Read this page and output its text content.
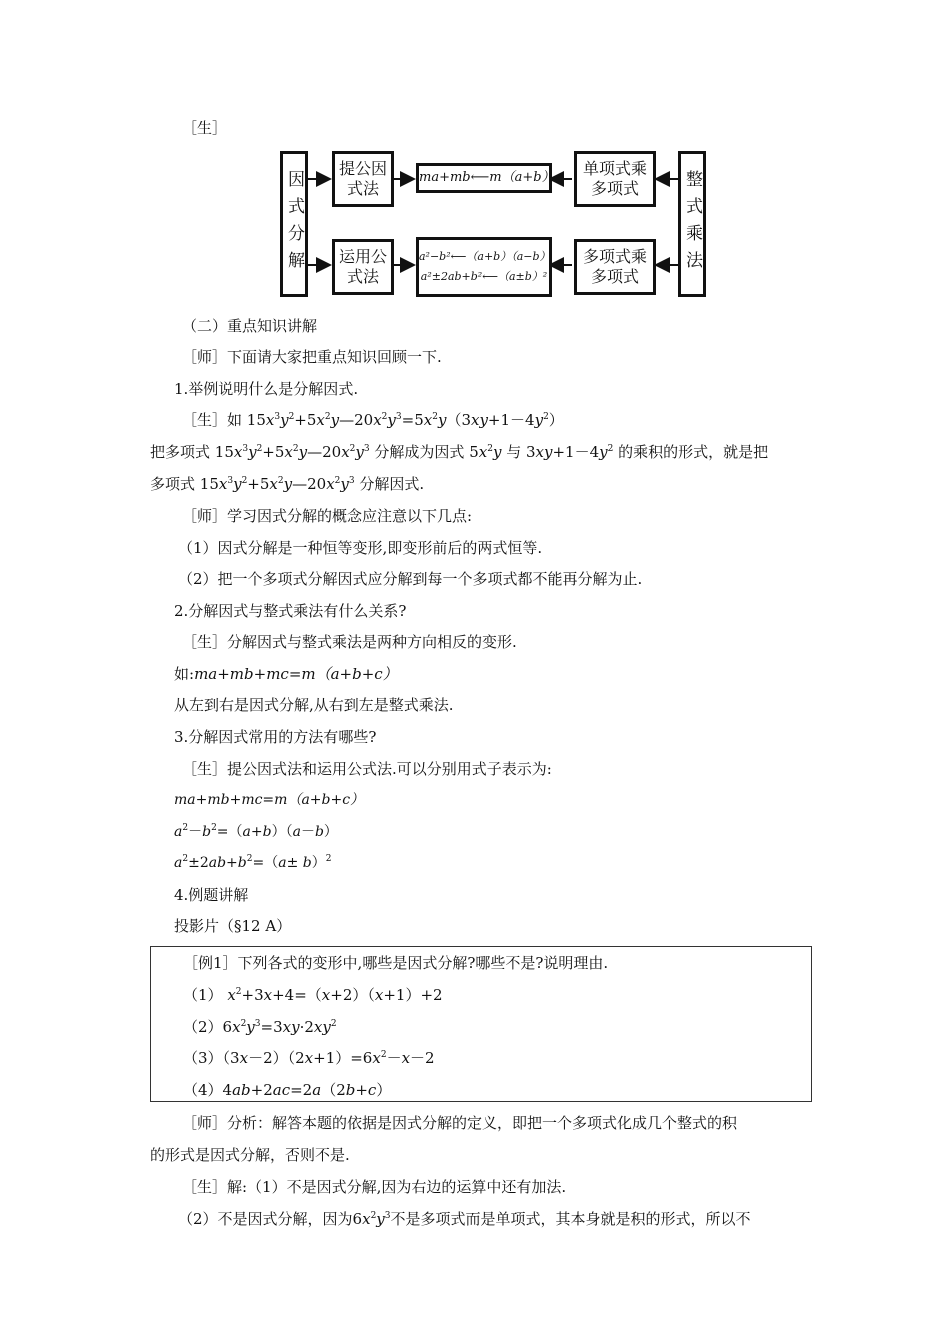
［生］
因式分解	整式乘法
提公因
式法
ma+mb⟵m（a+b） 单项式乘
多项式
运用公
式法
a²−b²⟵（a+b）（a−b）
a²±2ab+b²⟵（a±b）²
多项式乘
多项式
（二）重点知识讲解
［师］下面请大家把重点知识回顾一下.
1.举例说明什么是分解因式.
［生］如 $15x^3y^2+5x^2y—20x^2y^3=5x^2y(3xy+1-4y^2)$
把多项式 $15x^3y^2+5x^2y—20x^2y^3$ 分解成为因式 $5x^2y$ 与 $3xy+1-4y^2$ 的乘积的形式，就是把
多项式 $15x^3y^2+5x^2y—20x^2y^3$ 分解因式.
［师］学习因式分解的概念应注意以下几点:
（1）因式分解是一种恒等变形,即变形前后的两式恒等.
（2）把一个多项式分解因式应分解到每一个多项式都不能再分解为止.
2.分解因式与整式乘法有什么关系?
［生］分解因式与整式乘法是两种方向相反的变形.
如:ma+mb+mc=m（a+b+c）
从左到右是因式分解,从右到左是整式乘法.
3.分解因式常用的方法有哪些?
［生］提公因式法和运用公式法.可以分别用式子表示为:
ma+mb+mc=m（a+b+c）
$a^2-b^2=(a+b)(a-b)$
$a^2\pm 2ab+b^2=(a\pm b)^2$
4.例题讲解
投影片（§12 A）
［例1］下列各式的变形中,哪些是因式分解?哪些不是?说明理由.
（1） $x^2+3x+4=(x+2)(x+1)+2$
$(2)6x^2y^3=3xy\cdot 2xy^2$
$(3)(3x-2)(2x+1)=6x^2-x-2$
（4）4ab+2ac=2a（2b+c）
［师］分析：解答本题的依据是因式分解的定义，即把一个多项式化成几个整式的积
的形式是因式分解，否则不是.
［生］解:（1）不是因式分解,因为右边的运算中还有加法.
（2）不是因式分解，因为$6x^2y^3$不是多项式而是单项式，其本身就是积的形式，所以不
